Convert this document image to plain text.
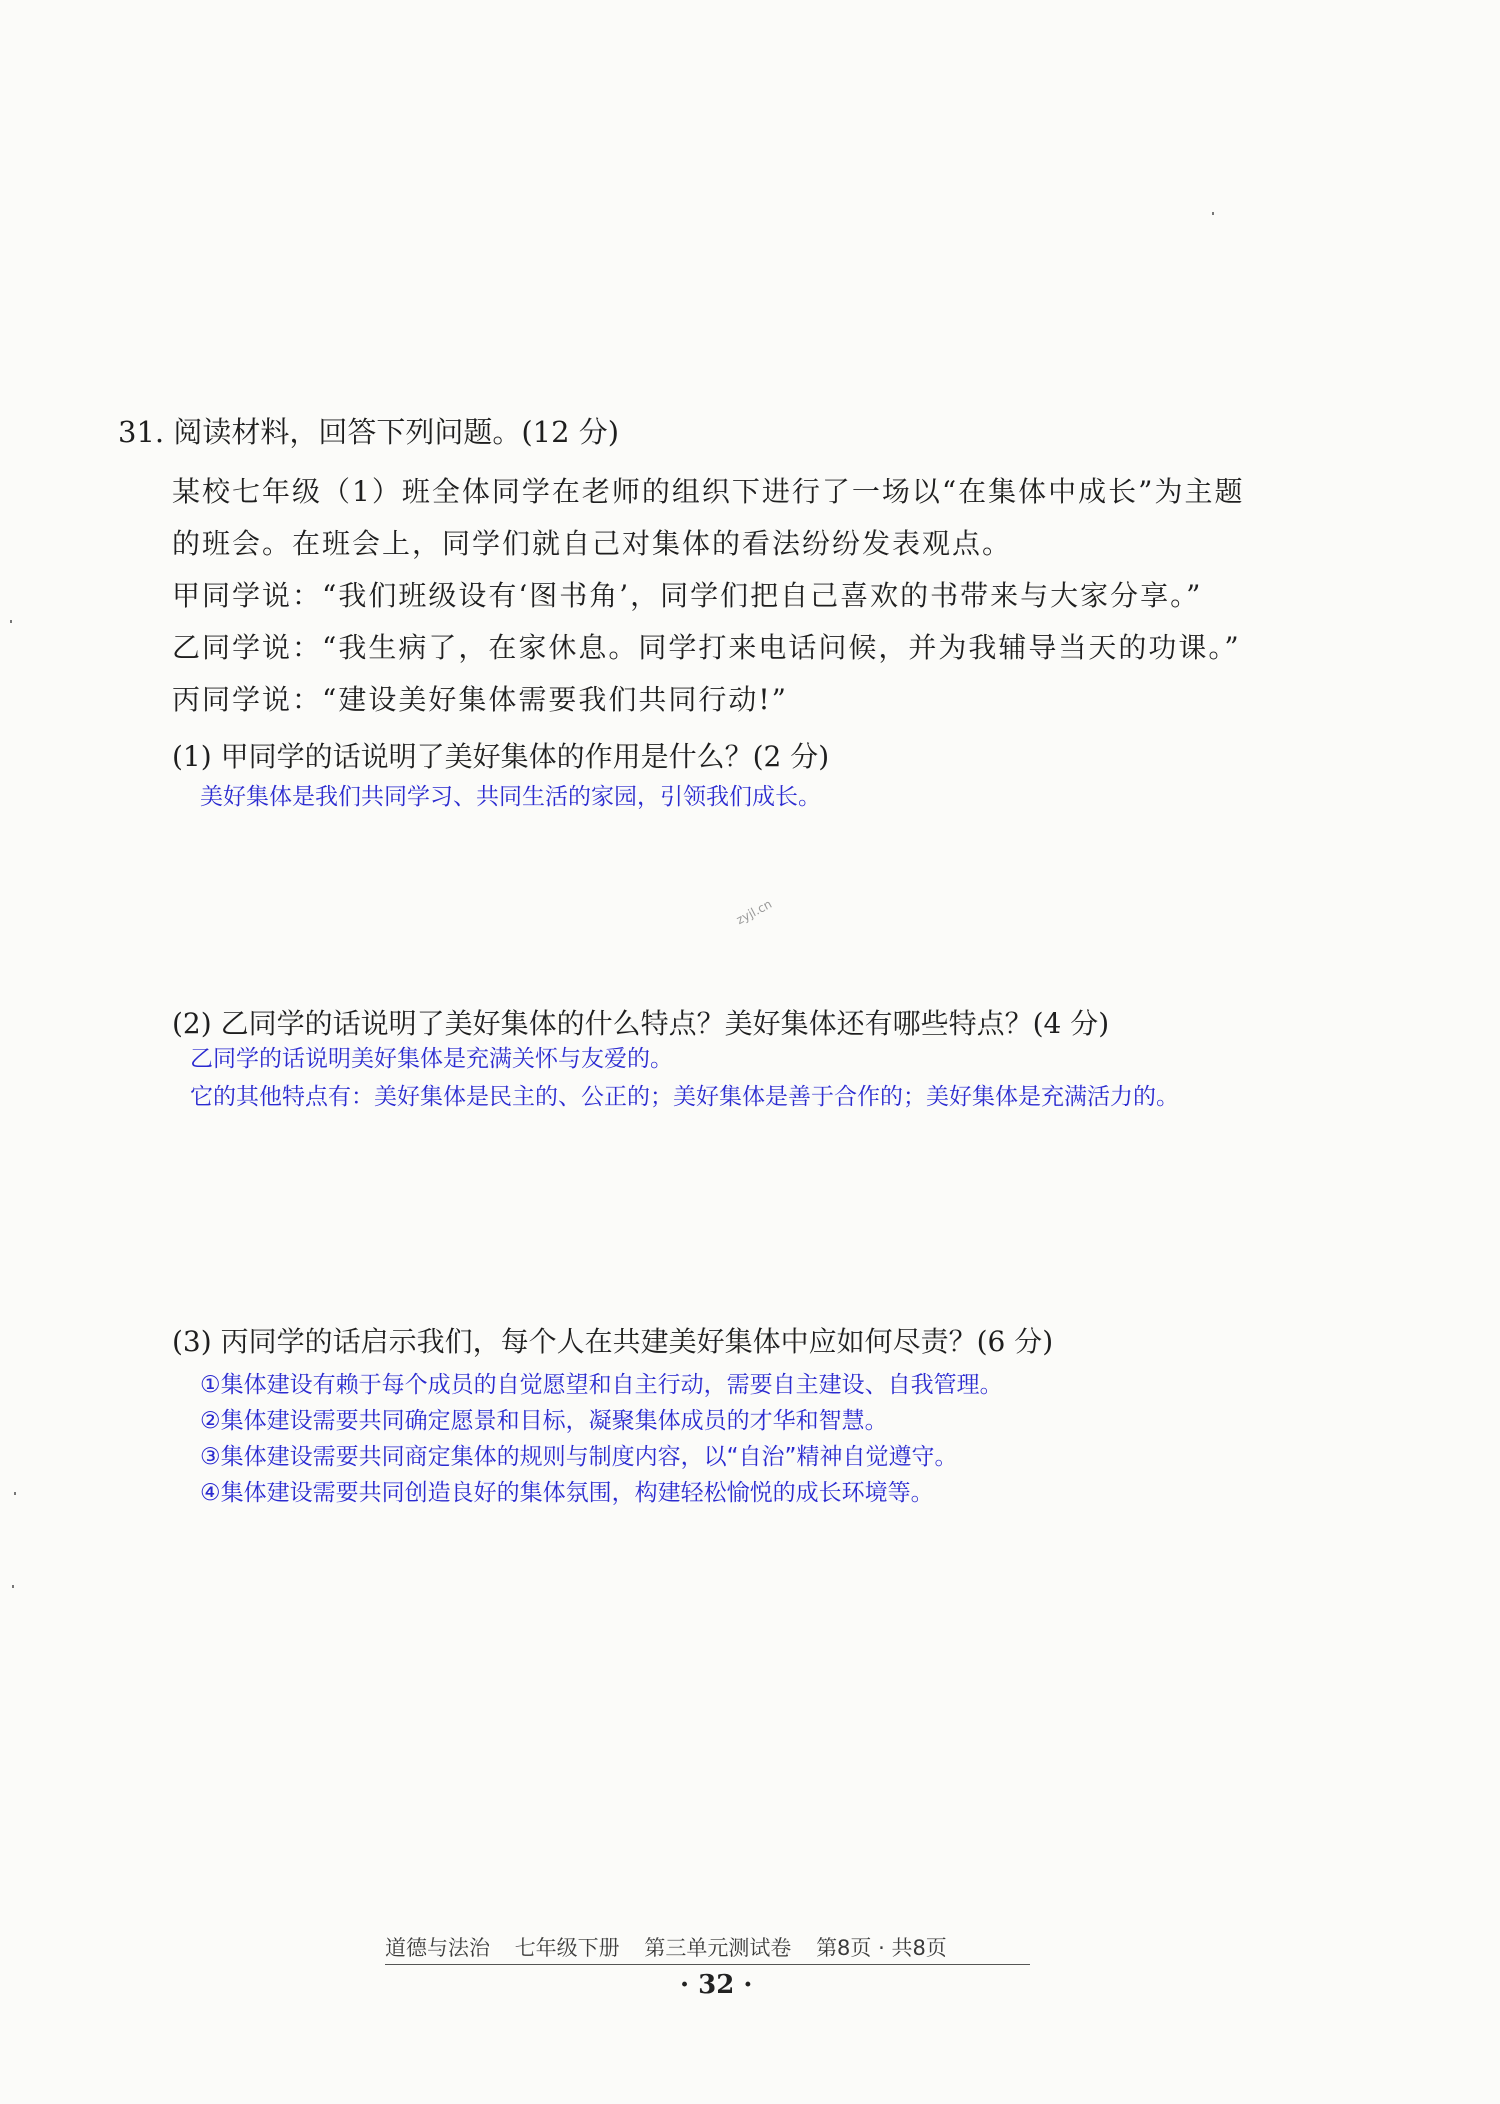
31. 阅读材料，回答下列问题。(12 分)
某校七年级（1）班全体同学在老师的组织下进行了一场以“在集体中成长”为主题
的班会。在班会上，同学们就自己对集体的看法纷纷发表观点。
甲同学说：“我们班级设有‘图书角’，同学们把自己喜欢的书带来与大家分享。”
乙同学说：“我生病了，在家休息。同学打来电话问候，并为我辅导当天的功课。”
丙同学说：“建设美好集体需要我们共同行动!”
(1) 甲同学的话说明了美好集体的作用是什么？(2 分)
美好集体是我们共同学习、共同生活的家园，引领我们成长。
zyjl.cn
(2) 乙同学的话说明了美好集体的什么特点？美好集体还有哪些特点？(4 分)
乙同学的话说明美好集体是充满关怀与友爱的。
它的其他特点有：美好集体是民主的、公正的；美好集体是善于合作的；美好集体是充满活力的。
(3) 丙同学的话启示我们，每个人在共建美好集体中应如何尽责？(6 分)
①集体建设有赖于每个成员的自觉愿望和自主行动，需要自主建设、自我管理。
②集体建设需要共同确定愿景和目标，凝聚集体成员的才华和智慧。
③集体建设需要共同商定集体的规则与制度内容，以“自治”精神自觉遵守。
④集体建设需要共同创造良好的集体氛围，构建轻松愉悦的成长环境等。
道德与法治 七年级下册 第三单元测试卷 第8页 · 共8页
· 32 ·
